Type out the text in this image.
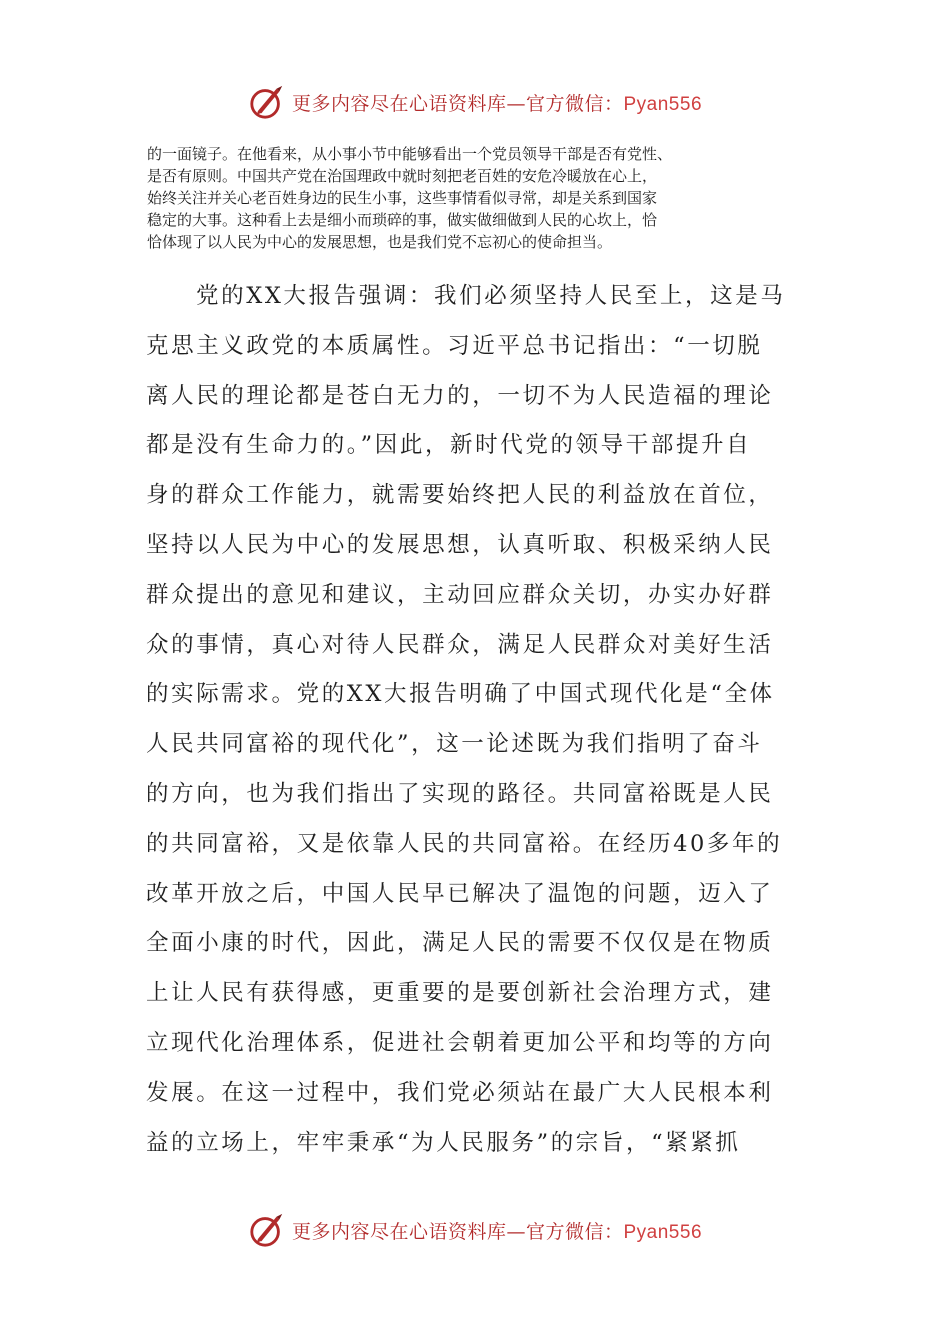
更多内容尽在心语资料库—官方微信：Pyan556

的一面镜子。在他看来，从小事小节中能够看出一个党员领导干部是否有党性、
是否有原则。中国共产党在治国理政中就时刻把老百姓的安危冷暖放在心上，
始终关注并关心老百姓身边的民生小事，这些事情看似寻常，却是关系到国家
稳定的大事。这种看上去是细小而琐碎的事，做实做细做到人民的心坎上，恰
恰体现了以人民为中心的发展思想，也是我们党不忘初心的使命担当。

党的XX大报告强调：我们必须坚持人民至上，这是马
克思主义政党的本质属性。习近平总书记指出：“一切脱
离人民的理论都是苍白无力的，一切不为人民造福的理论
都是没有生命力的。”因此，新时代党的领导干部提升自
身的群众工作能力，就需要始终把人民的利益放在首位，
坚持以人民为中心的发展思想，认真听取、积极采纳人民
群众提出的意见和建议，主动回应群众关切，办实办好群
众的事情，真心对待人民群众，满足人民群众对美好生活
的实际需求。党的XX大报告明确了中国式现代化是“全体
人民共同富裕的现代化”，这一论述既为我们指明了奋斗
的方向，也为我们指出了实现的路径。共同富裕既是人民
的共同富裕，又是依靠人民的共同富裕。在经历40多年的
改革开放之后，中国人民早已解决了温饱的问题，迈入了
全面小康的时代，因此，满足人民的需要不仅仅是在物质
上让人民有获得感，更重要的是要创新社会治理方式，建
立现代化治理体系，促进社会朝着更加公平和均等的方向
发展。在这一过程中，我们党必须站在最广大人民根本利
益的立场上，牢牢秉承“为人民服务”的宗旨，“紧紧抓

更多内容尽在心语资料库—官方微信：Pyan556
